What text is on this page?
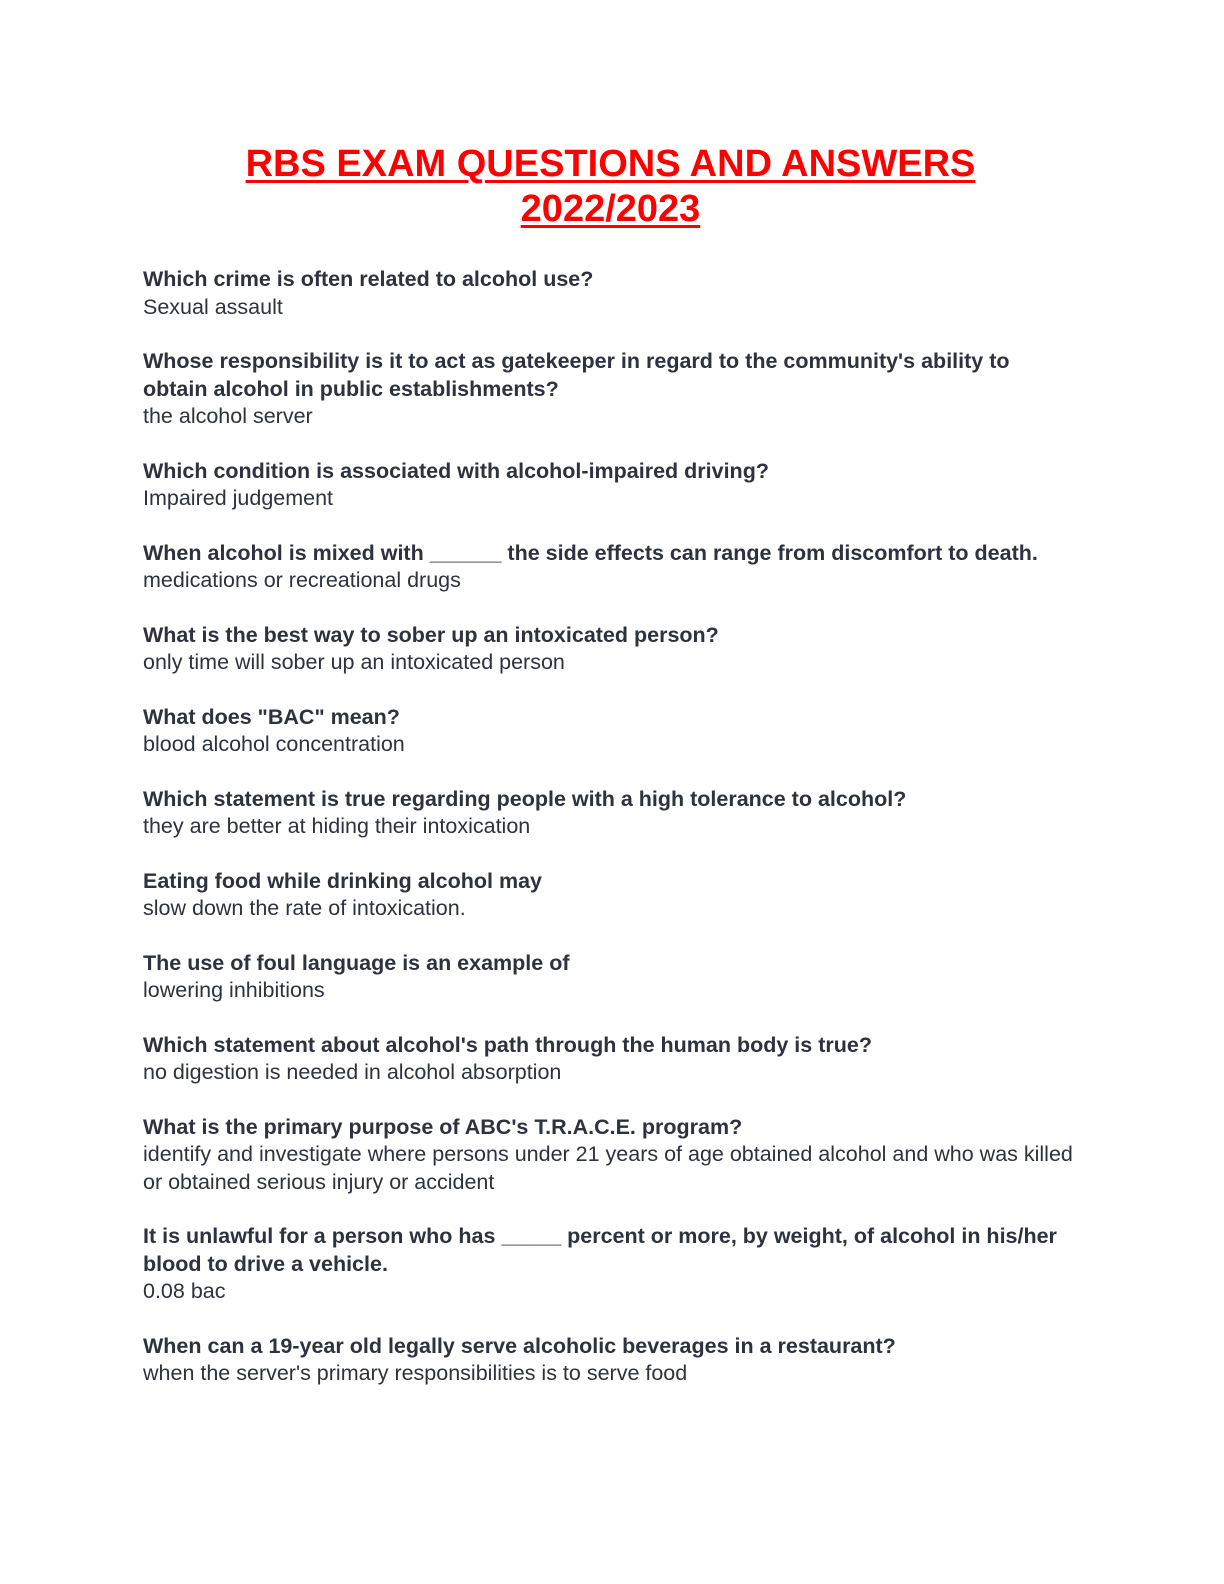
RBS EXAM QUESTIONS AND ANSWERS
2022/2023

Which crime is often related to alcohol use?

Sexual assault

Whose responsibility is it to act as gatekeeper in regard to the community's ability to obtain alcohol in public establishments?

the alcohol server

Which condition is associated with alcohol-impaired driving?

Impaired judgement

When alcohol is mixed with ______ the side effects can range from discomfort to death.

medications or recreational drugs

What is the best way to sober up an intoxicated person?

only time will sober up an intoxicated person

What does "BAC" mean?

blood alcohol concentration

Which statement is true regarding people with a high tolerance to alcohol?

they are better at hiding their intoxication

Eating food while drinking alcohol may

slow down the rate of intoxication.

The use of foul language is an example of

lowering inhibitions

Which statement about alcohol's path through the human body is true?

no digestion is needed in alcohol absorption

What is the primary purpose of ABC's T.R.A.C.E. program?

identify and investigate where persons under 21 years of age obtained alcohol and who was killed or obtained serious injury or accident

It is unlawful for a person who has _____ percent or more, by weight, of alcohol in his/her blood to drive a vehicle.

0.08 bac

When can a 19-year old legally serve alcoholic beverages in a restaurant?

when the server's primary responsibilities is to serve food
